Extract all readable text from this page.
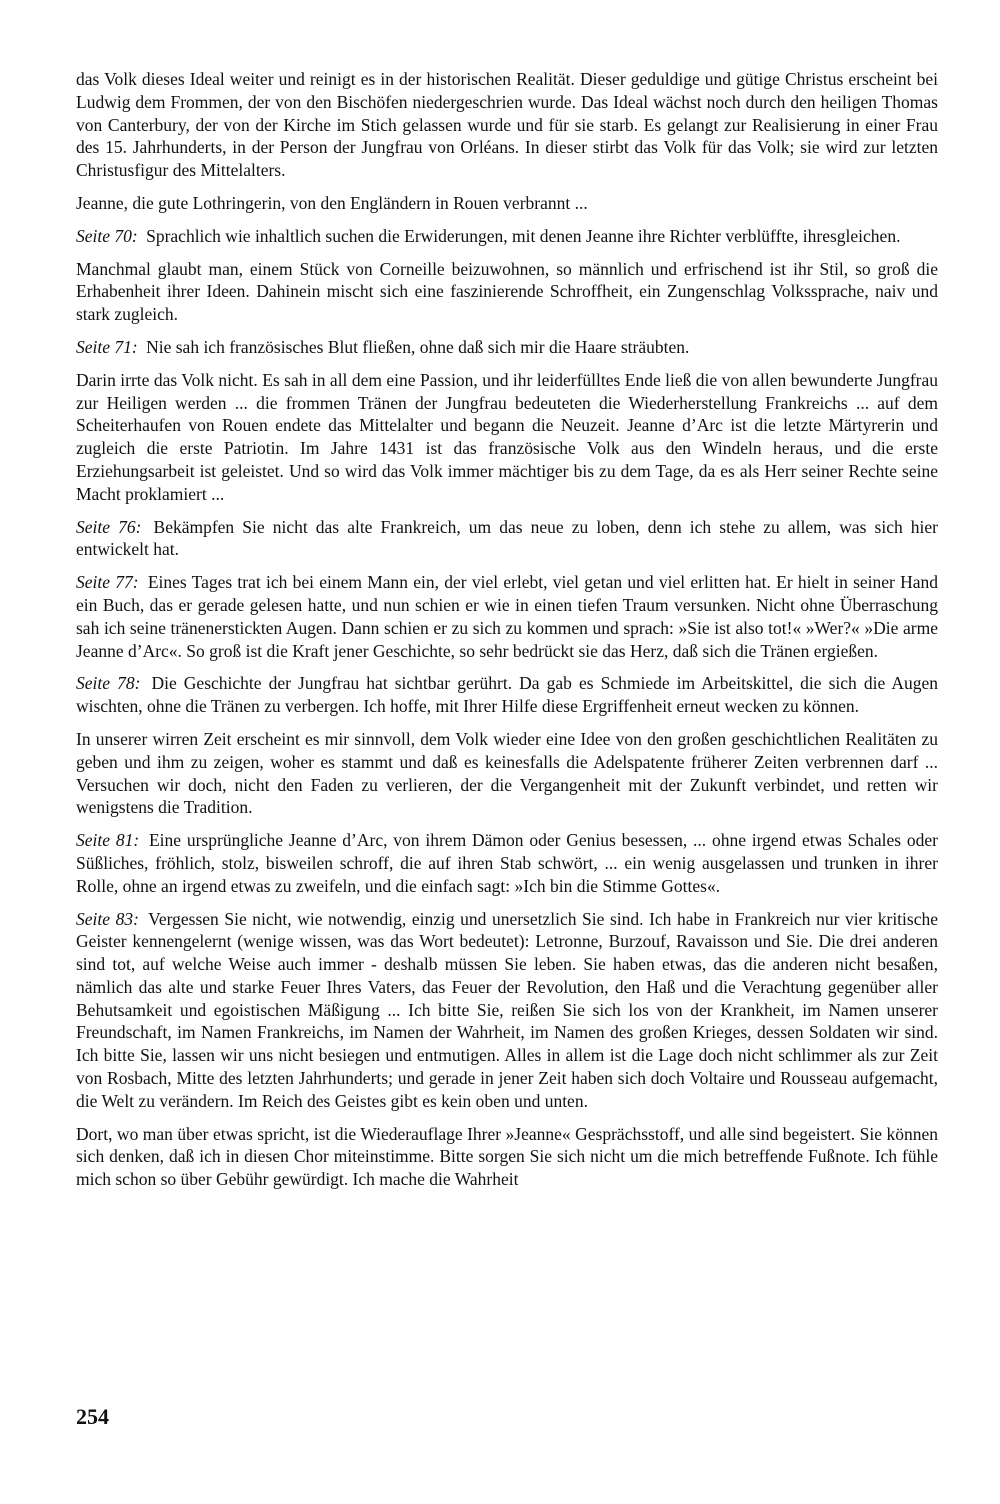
das Volk dieses Ideal weiter und reinigt es in der historischen Realität. Dieser geduldige und gütige Christus erscheint bei Ludwig dem Frommen, der von den Bischöfen niedergeschrien wurde. Das Ideal wächst noch durch den heiligen Thomas von Canterbury, der von der Kirche im Stich gelassen wurde und für sie starb. Es gelangt zur Realisierung in einer Frau des 15. Jahrhunderts, in der Person der Jungfrau von Orléans. In dieser stirbt das Volk für das Volk; sie wird zur letzten Christusfigur des Mittelalters.

Jeanne, die gute Lothringerin, von den Engländern in Rouen verbrannt ...

Seite 70: Sprachlich wie inhaltlich suchen die Erwiderungen, mit denen Jeanne ihre Richter verblüffte, ihresgleichen.

Manchmal glaubt man, einem Stück von Corneille beizuwohnen, so männlich und erfrischend ist ihr Stil, so groß die Erhabenheit ihrer Ideen. Dahinein mischt sich eine faszinierende Schroffheit, ein Zungenschlag Volkssprache, naiv und stark zugleich.

Seite 71: Nie sah ich französisches Blut fließen, ohne daß sich mir die Haare sträubten.

Darin irrte das Volk nicht. Es sah in all dem eine Passion, und ihr leiderfülltes Ende ließ die von allen bewunderte Jungfrau zur Heiligen werden ... die frommen Tränen der Jungfrau bedeuteten die Wiederherstellung Frankreichs ... auf dem Scheiterhaufen von Rouen endete das Mittelalter und begann die Neuzeit. Jeanne d’Arc ist die letzte Märtyrerin und zugleich die erste Patriotin. Im Jahre 1431 ist das französische Volk aus den Windeln heraus, und die erste Erziehungsarbeit ist geleistet. Und so wird das Volk immer mächtiger bis zu dem Tage, da es als Herr seiner Rechte seine Macht proklamiert ...

Seite 76: Bekämpfen Sie nicht das alte Frankreich, um das neue zu loben, denn ich stehe zu allem, was sich hier entwickelt hat.

Seite 77: Eines Tages trat ich bei einem Mann ein, der viel erlebt, viel getan und viel erlitten hat. Er hielt in seiner Hand ein Buch, das er gerade gelesen hatte, und nun schien er wie in einen tiefen Traum versunken. Nicht ohne Überraschung sah ich seine tränenerstickten Augen. Dann schien er zu sich zu kommen und sprach: »Sie ist also tot!« »Wer?« »Die arme Jeanne d’Arc«. So groß ist die Kraft jener Geschichte, so sehr bedrückt sie das Herz, daß sich die Tränen ergießen.

Seite 78: Die Geschichte der Jungfrau hat sichtbar gerührt. Da gab es Schmiede im Arbeitskittel, die sich die Augen wischten, ohne die Tränen zu verbergen. Ich hoffe, mit Ihrer Hilfe diese Ergriffenheit erneut wecken zu können.

In unserer wirren Zeit erscheint es mir sinnvoll, dem Volk wieder eine Idee von den großen geschichtlichen Realitäten zu geben und ihm zu zeigen, woher es stammt und daß es keinesfalls die Adelspatente früherer Zeiten verbrennen darf ... Versuchen wir doch, nicht den Faden zu verlieren, der die Vergangenheit mit der Zukunft verbindet, und retten wir wenigstens die Tradition.

Seite 81: Eine ursprüngliche Jeanne d’Arc, von ihrem Dämon oder Genius besessen, ... ohne irgend etwas Schales oder Süßliches, fröhlich, stolz, bisweilen schroff, die auf ihren Stab schwört, ... ein wenig ausgelassen und trunken in ihrer Rolle, ohne an irgend etwas zu zweifeln, und die einfach sagt: »Ich bin die Stimme Gottes«.

Seite 83: Vergessen Sie nicht, wie notwendig, einzig und unersetzlich Sie sind. Ich habe in Frankreich nur vier kritische Geister kennengelernt (wenige wissen, was das Wort bedeutet): Letronne, Burzouf, Ravaisson und Sie. Die drei anderen sind tot, auf welche Weise auch immer - deshalb müssen Sie leben. Sie haben etwas, das die anderen nicht besaßen, nämlich das alte und starke Feuer Ihres Vaters, das Feuer der Revolution, den Haß und die Verachtung gegenüber aller Behutsamkeit und egoistischen Mäßigung ... Ich bitte Sie, reißen Sie sich los von der Krankheit, im Namen unserer Freundschaft, im Namen Frankreichs, im Namen der Wahrheit, im Namen des großen Krieges, dessen Soldaten wir sind. Ich bitte Sie, lassen wir uns nicht besiegen und entmutigen. Alles in allem ist die Lage doch nicht schlimmer als zur Zeit von Rosbach, Mitte des letzten Jahrhunderts; und gerade in jener Zeit haben sich doch Voltaire und Rousseau aufgemacht, die Welt zu verändern. Im Reich des Geistes gibt es kein oben und unten.

Dort, wo man über etwas spricht, ist die Wiederauflage Ihrer »Jeanne« Gesprächsstoff, und alle sind begeistert. Sie können sich denken, daß ich in diesen Chor miteinstimme. Bitte sorgen Sie sich nicht um die mich betreffende Fußnote. Ich fühle mich schon so über Gebühr gewürdigt. Ich mache die Wahrheit

254
